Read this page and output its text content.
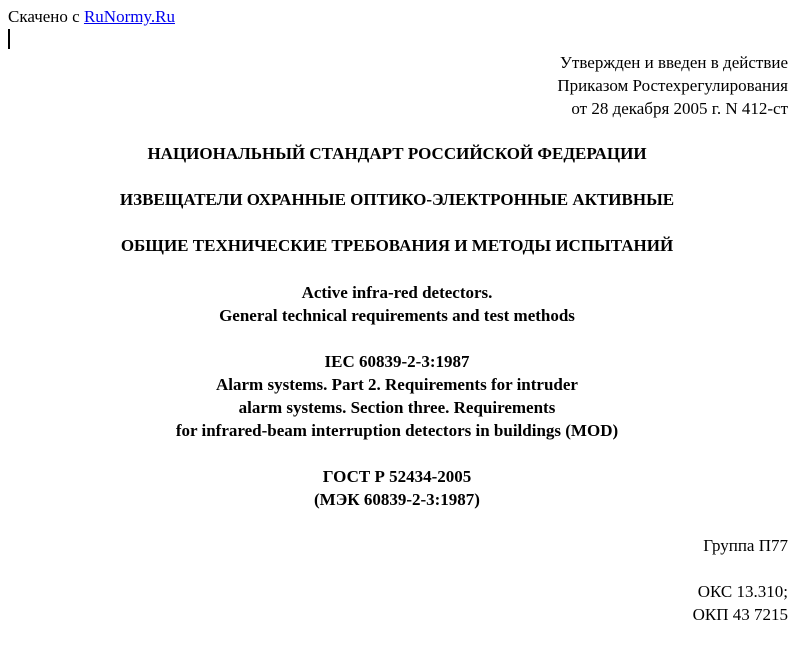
Скачено с RuNormy.Ru
Утвержден и введен в действие
Приказом Ростехрегулирования
от 28 декабря 2005 г. N 412-ст
НАЦИОНАЛЬНЫЙ СТАНДАРТ РОССИЙСКОЙ ФЕДЕРАЦИИ
ИЗВЕЩАТЕЛИ ОХРАННЫЕ ОПТИКО-ЭЛЕКТРОННЫЕ АКТИВНЫЕ
ОБЩИЕ ТЕХНИЧЕСКИЕ ТРЕБОВАНИЯ И МЕТОДЫ ИСПЫТАНИЙ
Active infra-red detectors.
General technical requirements and test methods
IEC 60839-2-3:1987
Alarm systems. Part 2. Requirements for intruder
alarm systems. Section three. Requirements
for infrared-beam interruption detectors in buildings (MOD)
ГОСТ Р 52434-2005
(МЭК 60839-2-3:1987)
Группа П77
ОКС 13.310;
ОКП 43 7215
